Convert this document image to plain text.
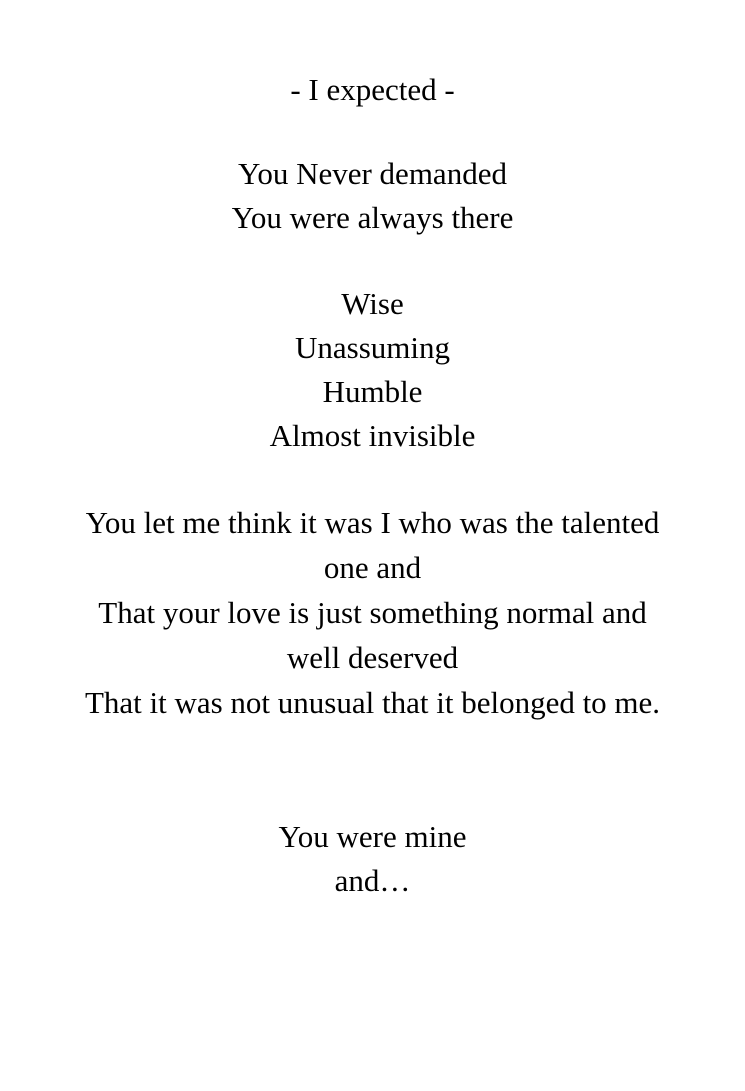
- I expected -
You Never demanded
You were always there
Wise
Unassuming
Humble
Almost invisible
You let me think it was I who was the talented one and
That your love is just something normal and well deserved
That it was not unusual that it belonged to me.
You were mine
and…
